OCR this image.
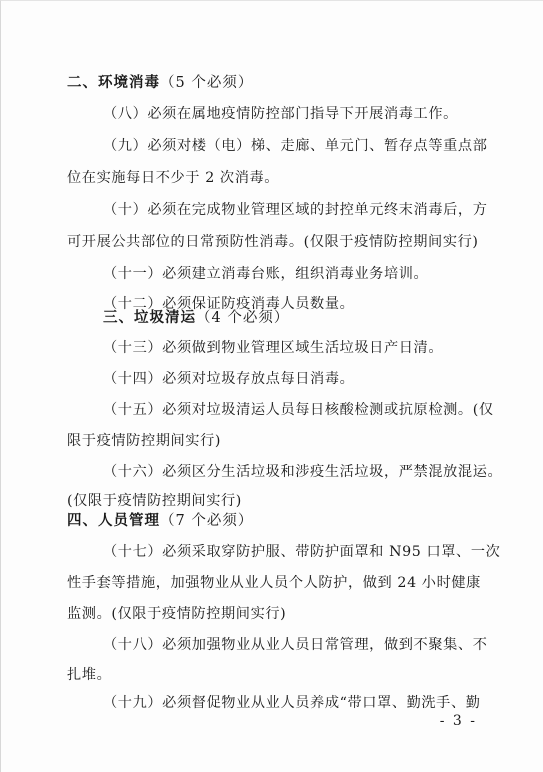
二、环境消毒（5 个必须）
（八）必须在属地疫情防控部门指导下开展消毒工作。
（九）必须对楼（电）梯、走廊、单元门、暂存点等重点部
位在实施每日不少于 2 次消毒。
（十）必须在完成物业管理区域的封控单元终末消毒后，方
可开展公共部位的日常预防性消毒。(仅限于疫情防控期间实行)
（十一）必须建立消毒台账，组织消毒业务培训。
（十二）必须保证防疫消毒人员数量。
三、垃圾清运（4 个必须）
（十三）必须做到物业管理区域生活垃圾日产日清。
（十四）必须对垃圾存放点每日消毒。
（十五）必须对垃圾清运人员每日核酸检测或抗原检测。(仅
限于疫情防控期间实行)
（十六）必须区分生活垃圾和涉疫生活垃圾，严禁混放混运。
(仅限于疫情防控期间实行)
四、人员管理（7 个必须）
（十七）必须采取穿防护服、带防护面罩和 N95 口罩、一次
性手套等措施，加强物业从业人员个人防护，做到 24 小时健康
监测。(仅限于疫情防控期间实行)
（十八）必须加强物业从业人员日常管理，做到不聚集、不
扎堆。
（十九）必须督促物业从业人员养成“带口罩、勤洗手、勤
- 3 -
